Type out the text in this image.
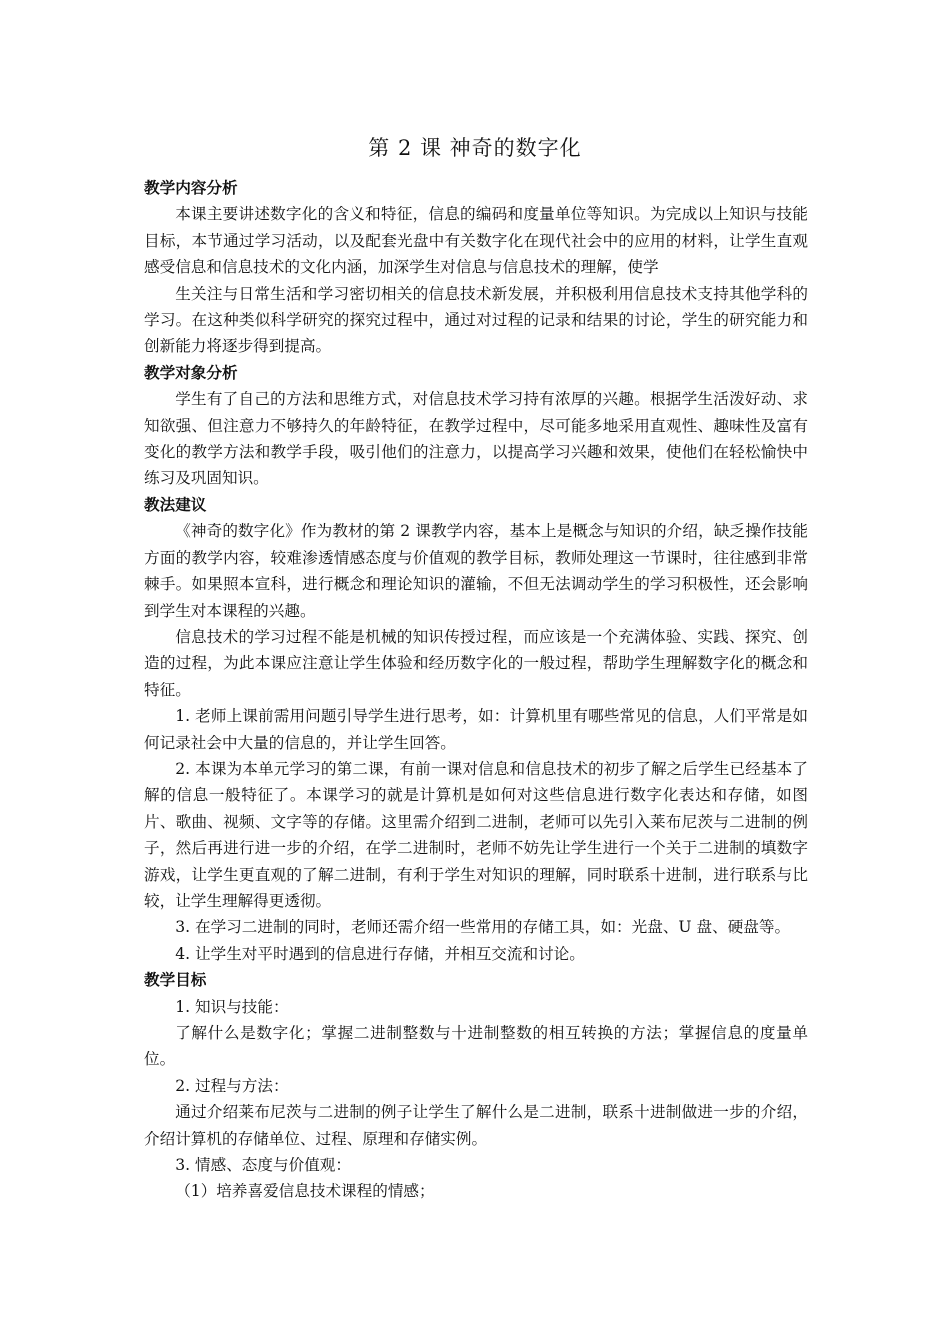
第 2 课 神奇的数字化
教学内容分析

本课主要讲述数字化的含义和特征，信息的编码和度量单位等知识。为完成以上知识与技能目标，本节通过学习活动，以及配套光盘中有关数字化在现代社会中的应用的材料，让学生直观感受信息和信息技术的文化内涵，加深学生对信息与信息技术的理解，使学

生关注与日常生活和学习密切相关的信息技术新发展，并积极利用信息技术支持其他学科的学习。在这种类似科学研究的探究过程中，通过对过程的记录和结果的讨论，学生的研究能力和创新能力将逐步得到提高。

教学对象分析

学生有了自己的方法和思维方式，对信息技术学习持有浓厚的兴趣。根据学生活泼好动、求知欲强、但注意力不够持久的年龄特征，在教学过程中，尽可能多地采用直观性、趣味性及富有变化的教学方法和教学手段，吸引他们的注意力，以提高学习兴趣和效果，使他们在轻松愉快中练习及巩固知识。

教法建议

《神奇的数字化》作为教材的第 2 课教学内容，基本上是概念与知识的介绍，缺乏操作技能方面的教学内容，较难渗透情感态度与价值观的教学目标，教师处理这一节课时，往往感到非常棘手。如果照本宣科，进行概念和理论知识的灌输，不但无法调动学生的学习积极性，还会影响到学生对本课程的兴趣。

信息技术的学习过程不能是机械的知识传授过程，而应该是一个充满体验、实践、探究、创造的过程，为此本课应注意让学生体验和经历数字化的一般过程，帮助学生理解数字化的概念和特征。

1. 老师上课前需用问题引导学生进行思考，如：计算机里有哪些常见的信息，人们平常是如何记录社会中大量的信息的，并让学生回答。

2. 本课为本单元学习的第二课，有前一课对信息和信息技术的初步了解之后学生已经基本了解的信息一般特征了。本课学习的就是计算机是如何对这些信息进行数字化表达和存储，如图片、歌曲、视频、文字等的存储。这里需介绍到二进制，老师可以先引入莱布尼茨与二进制的例子，然后再进行进一步的介绍，在学二进制时，老师不妨先让学生进行一个关于二进制的填数字游戏，让学生更直观的了解二进制，有利于学生对知识的理解，同时联系十进制，进行联系与比较，让学生理解得更透彻。

3. 在学习二进制的同时，老师还需介绍一些常用的存储工具，如：光盘、U 盘、硬盘等。

4. 让学生对平时遇到的信息进行存储，并相互交流和讨论。

教学目标

1. 知识与技能：

了解什么是数字化；掌握二进制整数与十进制整数的相互转换的方法；掌握信息的度量单位。

2. 过程与方法：

通过介绍莱布尼茨与二进制的例子让学生了解什么是二进制，联系十进制做进一步的介绍，介绍计算机的存储单位、过程、原理和存储实例。

3. 情感、态度与价值观：

（1）培养喜爱信息技术课程的情感；
